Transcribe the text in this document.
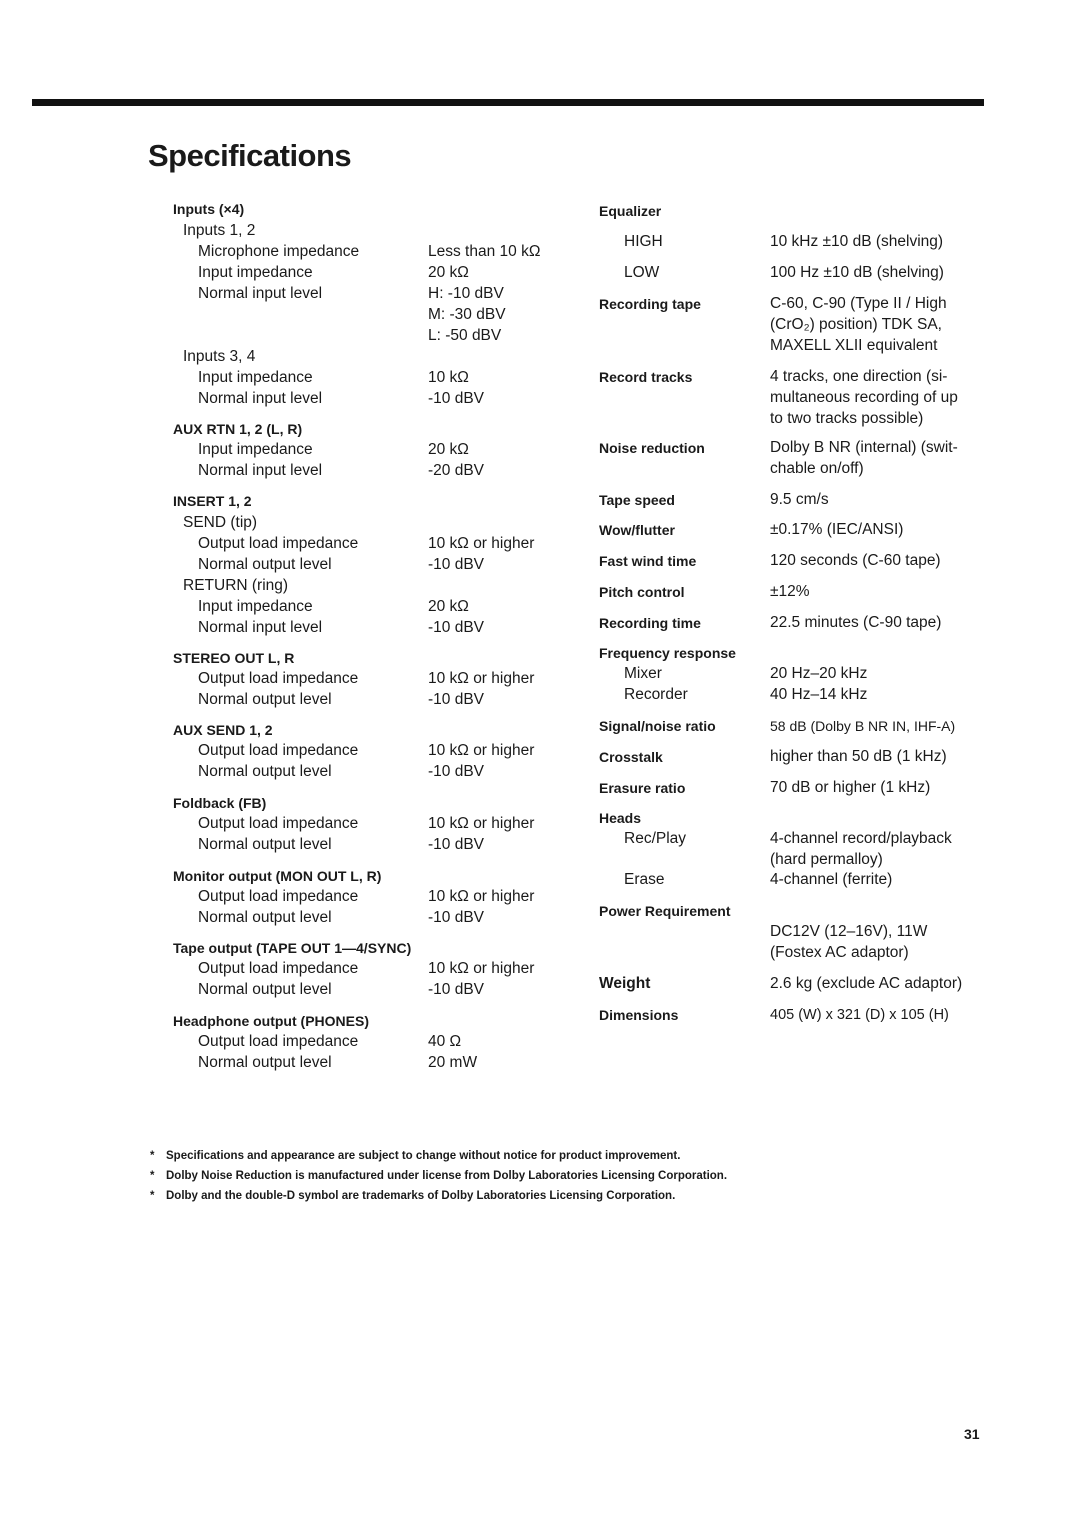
Specifications
Inputs (×4)
Inputs 1, 2
Microphone impedance	Less than 10 kΩ
Input impedance	20 kΩ
Normal input level	H: -10 dBV
M: -30 dBV
L: -50 dBV
Inputs 3, 4
Input impedance	10 kΩ
Normal input level	-10 dBV
AUX RTN 1, 2 (L, R)
Input impedance	20 kΩ
Normal input level	-20 dBV
INSERT 1, 2
SEND (tip)
Output load impedance	10 kΩ or higher
Normal output level	-10 dBV
RETURN (ring)
Input impedance	20 kΩ
Normal input level	-10 dBV
STEREO OUT L, R
Output load impedance	10 kΩ or higher
Normal output level	-10 dBV
AUX SEND 1, 2
Output load impedance	10 kΩ or higher
Normal output level	-10 dBV
Foldback (FB)
Output load impedance	10 kΩ or higher
Normal output level	-10 dBV
Monitor output (MON OUT L, R)
Output load impedance	10 kΩ or higher
Normal output level	-10 dBV
Tape output (TAPE OUT 1—4/SYNC)
Output load impedance	10 kΩ or higher
Normal output level	-10 dBV
Headphone output (PHONES)
Output load impedance	40 Ω
Normal output level	20 mW
Equalizer
HIGH	10 kHz ±10 dB (shelving)
LOW	100 Hz ±10 dB (shelving)
Recording tape	C-60, C-90 (Type II / High
(CrO₂) position) TDK SA,
MAXELL XLII equivalent
Record tracks	4 tracks, one direction (si-
multaneous recording of up
to two tracks possible)
Noise reduction	Dolby B NR (internal) (swit-
chable on/off)
Tape speed	9.5 cm/s
Wow/flutter	±0.17% (IEC/ANSI)
Fast wind time	120 seconds (C-60 tape)
Pitch control	±12%
Recording time	22.5 minutes (C-90 tape)
Frequency response
Mixer	20 Hz–20 kHz
Recorder	40 Hz–14 kHz
Signal/noise ratio	58 dB (Dolby B NR IN, IHF-A)
Crosstalk	higher than 50 dB (1 kHz)
Erasure ratio	70 dB or higher (1 kHz)
Heads
Rec/Play	4-channel record/playback
(hard permalloy)
Erase	4-channel (ferrite)
Power Requirement
DC12V (12–16V), 11W
(Fostex AC adaptor)
Weight	2.6 kg (exclude AC adaptor)
Dimensions	405 (W) x 321 (D) x 105 (H)
* Specifications and appearance are subject to change without notice for product improvement.
* Dolby Noise Reduction is manufactured under license from Dolby Laboratories Licensing Corporation.
* Dolby and the double-D symbol are trademarks of Dolby Laboratories Licensing Corporation.
31
